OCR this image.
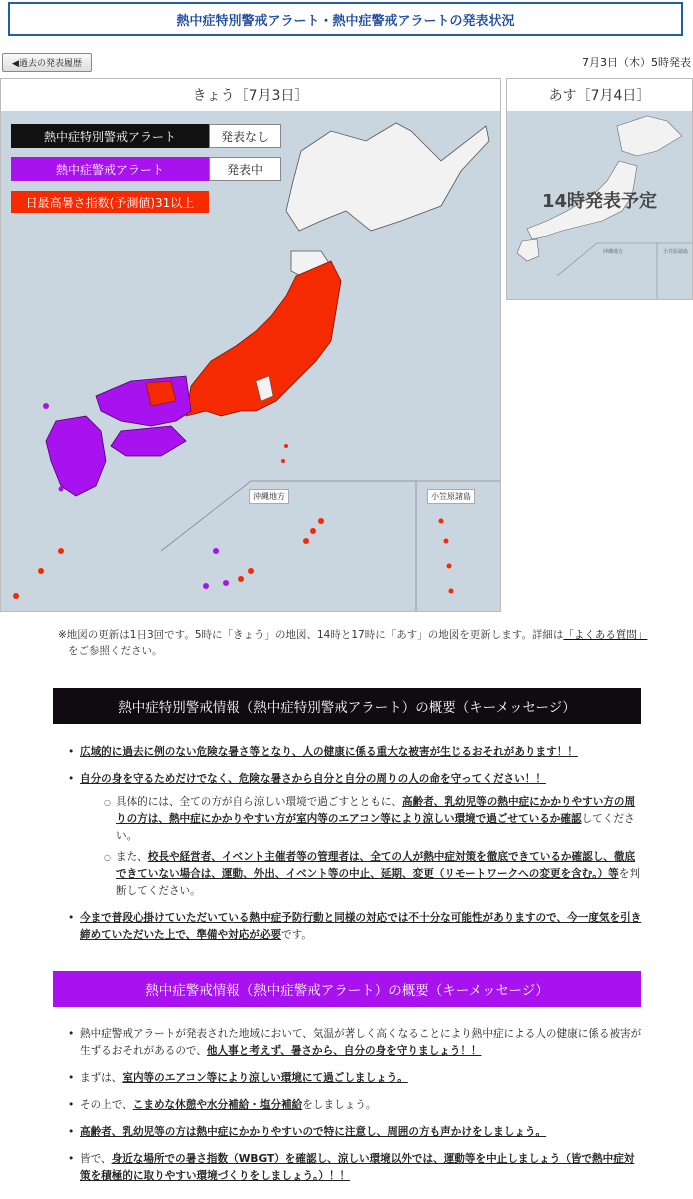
熱中症特別警戒アラート・熱中症警戒アラートの発表状況
◀過去の発表履歴	7月3日（木）5時発表
きょう［7月3日］
熱中症特別警戒アラート	発表なし
熱中症警戒アラート	発表中
日最高暑さ指数(予測値)31以上
沖縄地方	小笠原諸島
あす［7月4日］
14時発表予定
沖縄地方	小笠原諸島
※地図の更新は1日3回です。5時に「きょう」の地図、14時と17時に「あす」の地図を更新します。詳細は「よくある質問」
をご参照ください。
熱中症特別警戒情報（熱中症特別警戒アラート）の概要（キーメッセージ）
• 広域的に過去に例のない危険な暑さ等となり、人の健康に係る重大な被害が生じるおそれがあります！！
• 自分の身を守るためだけでなく、危険な暑さから自分と自分の周りの人の命を守ってください！！
○ 具体的には、全ての方が自ら涼しい環境で過ごすとともに、高齢者、乳幼児等の熱中症にかかりやすい方の周りの方は、熱中症にかかりやすい方が室内等のエアコン等により涼しい環境で過ごせているか確認してください。
○ また、校長や経営者、イベント主催者等の管理者は、全ての人が熱中症対策を徹底できているか確認し、徹底できていない場合は、運動、外出、イベント等の中止、延期、変更（リモートワークへの変更を含む。）等を判断してください。
• 今まで普段心掛けていただいている熱中症予防行動と同様の対応では不十分な可能性がありますので、今一度気を引き締めていただいた上で、準備や対応が必要です。
熱中症警戒情報（熱中症警戒アラート）の概要（キーメッセージ）
• 熱中症警戒アラートが発表された地域において、気温が著しく高くなることにより熱中症による人の健康に係る被害が生ずるおそれがあるので、他人事と考えず、暑さから、自分の身を守りましょう！！
• まずは、室内等のエアコン等により涼しい環境にて過ごしましょう。
• その上で、こまめな休憩や水分補給・塩分補給をしましょう。
• 高齢者、乳幼児等の方は熱中症にかかりやすいので特に注意し、周囲の方も声かけをしましょう。
• 皆で、身近な場所での暑さ指数（WBGT）を確認し、涼しい環境以外では、運動等を中止しましょう（皆で熱中症対策を積極的に取りやすい環境づくりをしましょう。）！！
